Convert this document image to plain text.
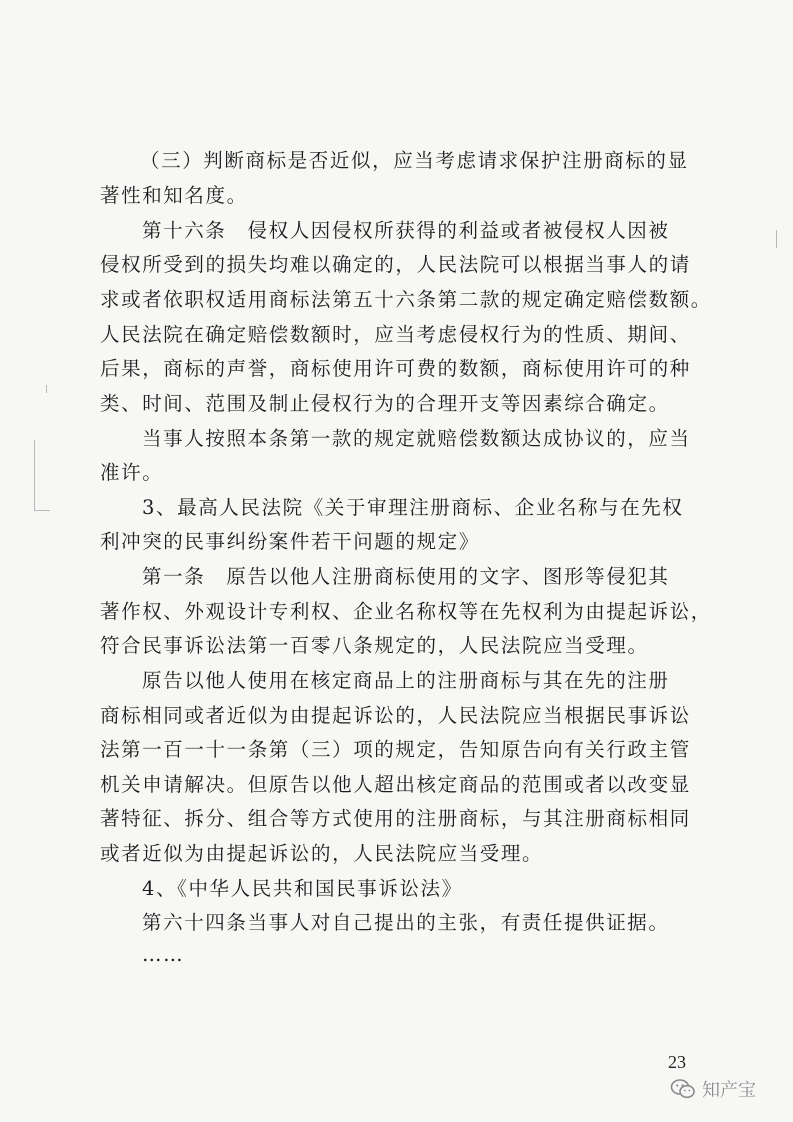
（三）判断商标是否近似，应当考虑请求保护注册商标的显
著性和知名度。
第十六条　侵权人因侵权所获得的利益或者被侵权人因被
侵权所受到的损失均难以确定的，人民法院可以根据当事人的请
求或者依职权适用商标法第五十六条第二款的规定确定赔偿数额。
人民法院在确定赔偿数额时，应当考虑侵权行为的性质、期间、
后果，商标的声誉，商标使用许可费的数额，商标使用许可的种
类、时间、范围及制止侵权行为的合理开支等因素综合确定。
当事人按照本条第一款的规定就赔偿数额达成协议的，应当
准许。
3、最高人民法院《关于审理注册商标、企业名称与在先权
利冲突的民事纠纷案件若干问题的规定》
第一条　原告以他人注册商标使用的文字、图形等侵犯其
著作权、外观设计专利权、企业名称权等在先权利为由提起诉讼，
符合民事诉讼法第一百零八条规定的，人民法院应当受理。
原告以他人使用在核定商品上的注册商标与其在先的注册
商标相同或者近似为由提起诉讼的，人民法院应当根据民事诉讼
法第一百一十一条第（三）项的规定，告知原告向有关行政主管
机关申请解决。但原告以他人超出核定商品的范围或者以改变显
著特征、拆分、组合等方式使用的注册商标，与其注册商标相同
或者近似为由提起诉讼的，人民法院应当受理。
4、《中华人民共和国民事诉讼法》
第六十四条当事人对自己提出的主张，有责任提供证据。
……
23
知产宝
